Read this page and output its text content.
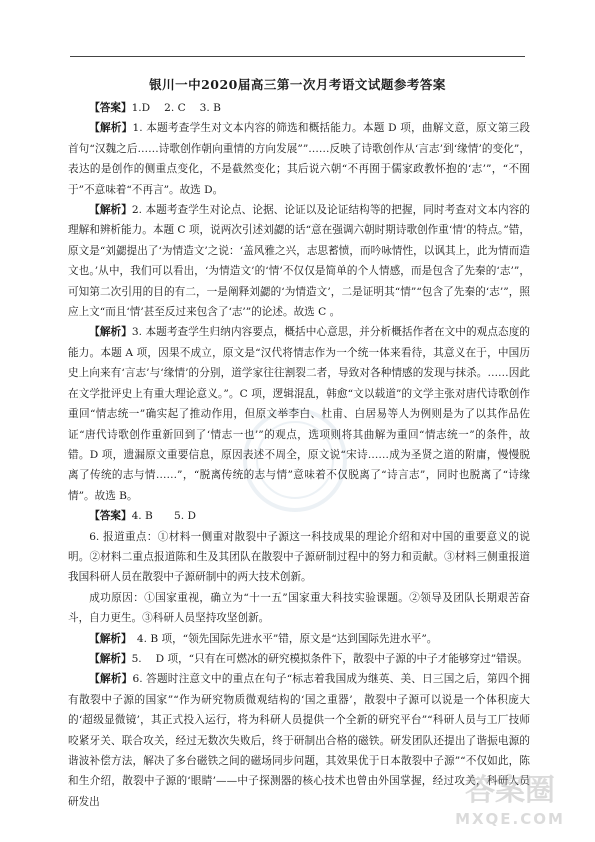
银川一中2020届高三第一次月考语文试题参考答案

【答案】1.D　 2. C　 3. B

【解析】1. 本题考查学生对文本内容的筛选和概括能力。本题 D 项，曲解文意，原文第三段首句“汉魏之后……诗歌创作朝向重情的方向发展””……反映了诗歌创作从‘言志’到‘缘情’的变化”，表达的是创作的侧重点变化，不是截然变化；其后说六朝“不再囿于儒家政教怀抱的‘志’”，“不囿于”不意味着“不再言”。故选 D。

【解析】2. 本题考查学生对论点、论据、论证以及论证结构等的把握，同时考查对文本内容的理解和辨析能力。本题 C 项，说两次引述刘勰的话“意在强调六朝时期诗歌创作重‘情’的特点。”错，原文是“刘勰提出了‘为情造文’之说：‘盖风雅之兴，志思蓄愤，而吟咏情性，以讽其上，此为情而造文也。’从中，我们可以看出，‘为情造文’的‘情’不仅仅是简单的个人情感，而是包含了先秦的‘志’”，可知第二次引用的目的有二，一是阐释刘勰的‘为情造文’，二是证明其“情”“包含了先秦的‘志’”，照应上文“而且‘情’甚至反过来包含了‘志’”的论述。故选 C 。

【解析】3. 本题考查学生归纳内容要点，概括中心意思，并分析概括作者在文中的观点态度的能力。本题 A 项，因果不成立，原文是“汉代将情志作为一个统一体来看待，其意义在于，中国历史上向来有‘言志’与‘缘情’的分别，道学家往往割裂二者，导致对各种情感的发现与抹杀。……因此在文学批评史上有重大理论意义。”。C 项，逻辑混乱，韩愈“文以载道”的文学主张对唐代诗歌创作重回“情志统一”确实起了推动作用，但原文举李白、杜甫、白居易等人为例则是为了以其作品佐证“唐代诗歌创作重新回到了‘情志一也’”的观点，选项则将其曲解为重回“情志统一”的条件，故错。D 项，遗漏原文重要信息，原因表述不周全，原文说“宋诗……成为圣贤之道的附庸，慢慢脱离了传统的志与情……”，“脱离传统的志与情”意味着不仅脱离了“诗言志”，同时也脱离了“诗缘情”。故选 B。

【答案】4. B　　5. D

6. 报道重点：①材料一侧重对散裂中子源这一科技成果的理论介绍和对中国的重要意义的说明。②材料二重点报道陈和生及其团队在散裂中子源研制过程中的努力和贡献。③材料三侧重报道我国科研人员在散裂中子源研制中的两大技术创新。

成功原因：①国家重视，确立为“十一五”国家重大科技实验课题。②领导及团队长期艰苦奋斗，自力更生。③科研人员坚持攻坚创新。

【解析】　4. B 项，“领先国际先进水平”错，原文是“达到国际先进水平”。

【解析】5. 　D 项，“只有在可燃冰的研究模拟条件下，散裂中子源的中子才能够穿过”错误。

【解析】6. 答题时注意文中的重点在句子“标志着我国成为继英、美、日三国之后，第四个拥有散裂中子源的国家”“作为研究物质微观结构的‘国之重器’，散裂中子源可以说是一个体积庞大的‘超级显微镜’，其正式投入运行，将为科研人员提供一个全新的研究平台”“科研人员与工厂技师咬紧牙关、联合攻关，经过无数次失败后，终于研制出合格的磁铁。研发团队还提出了谐振电源的谐波补偿方法，解决了多台磁铁之间的磁场同步问题，其效果优于日本散裂中子源”“不仅如此，陈和生介绍，散裂中子源的‘眼睛’——中子探测器的核心技术也曾由外国掌握，经过攻关，科研人员研发出	答案圈
MXQE.COM
